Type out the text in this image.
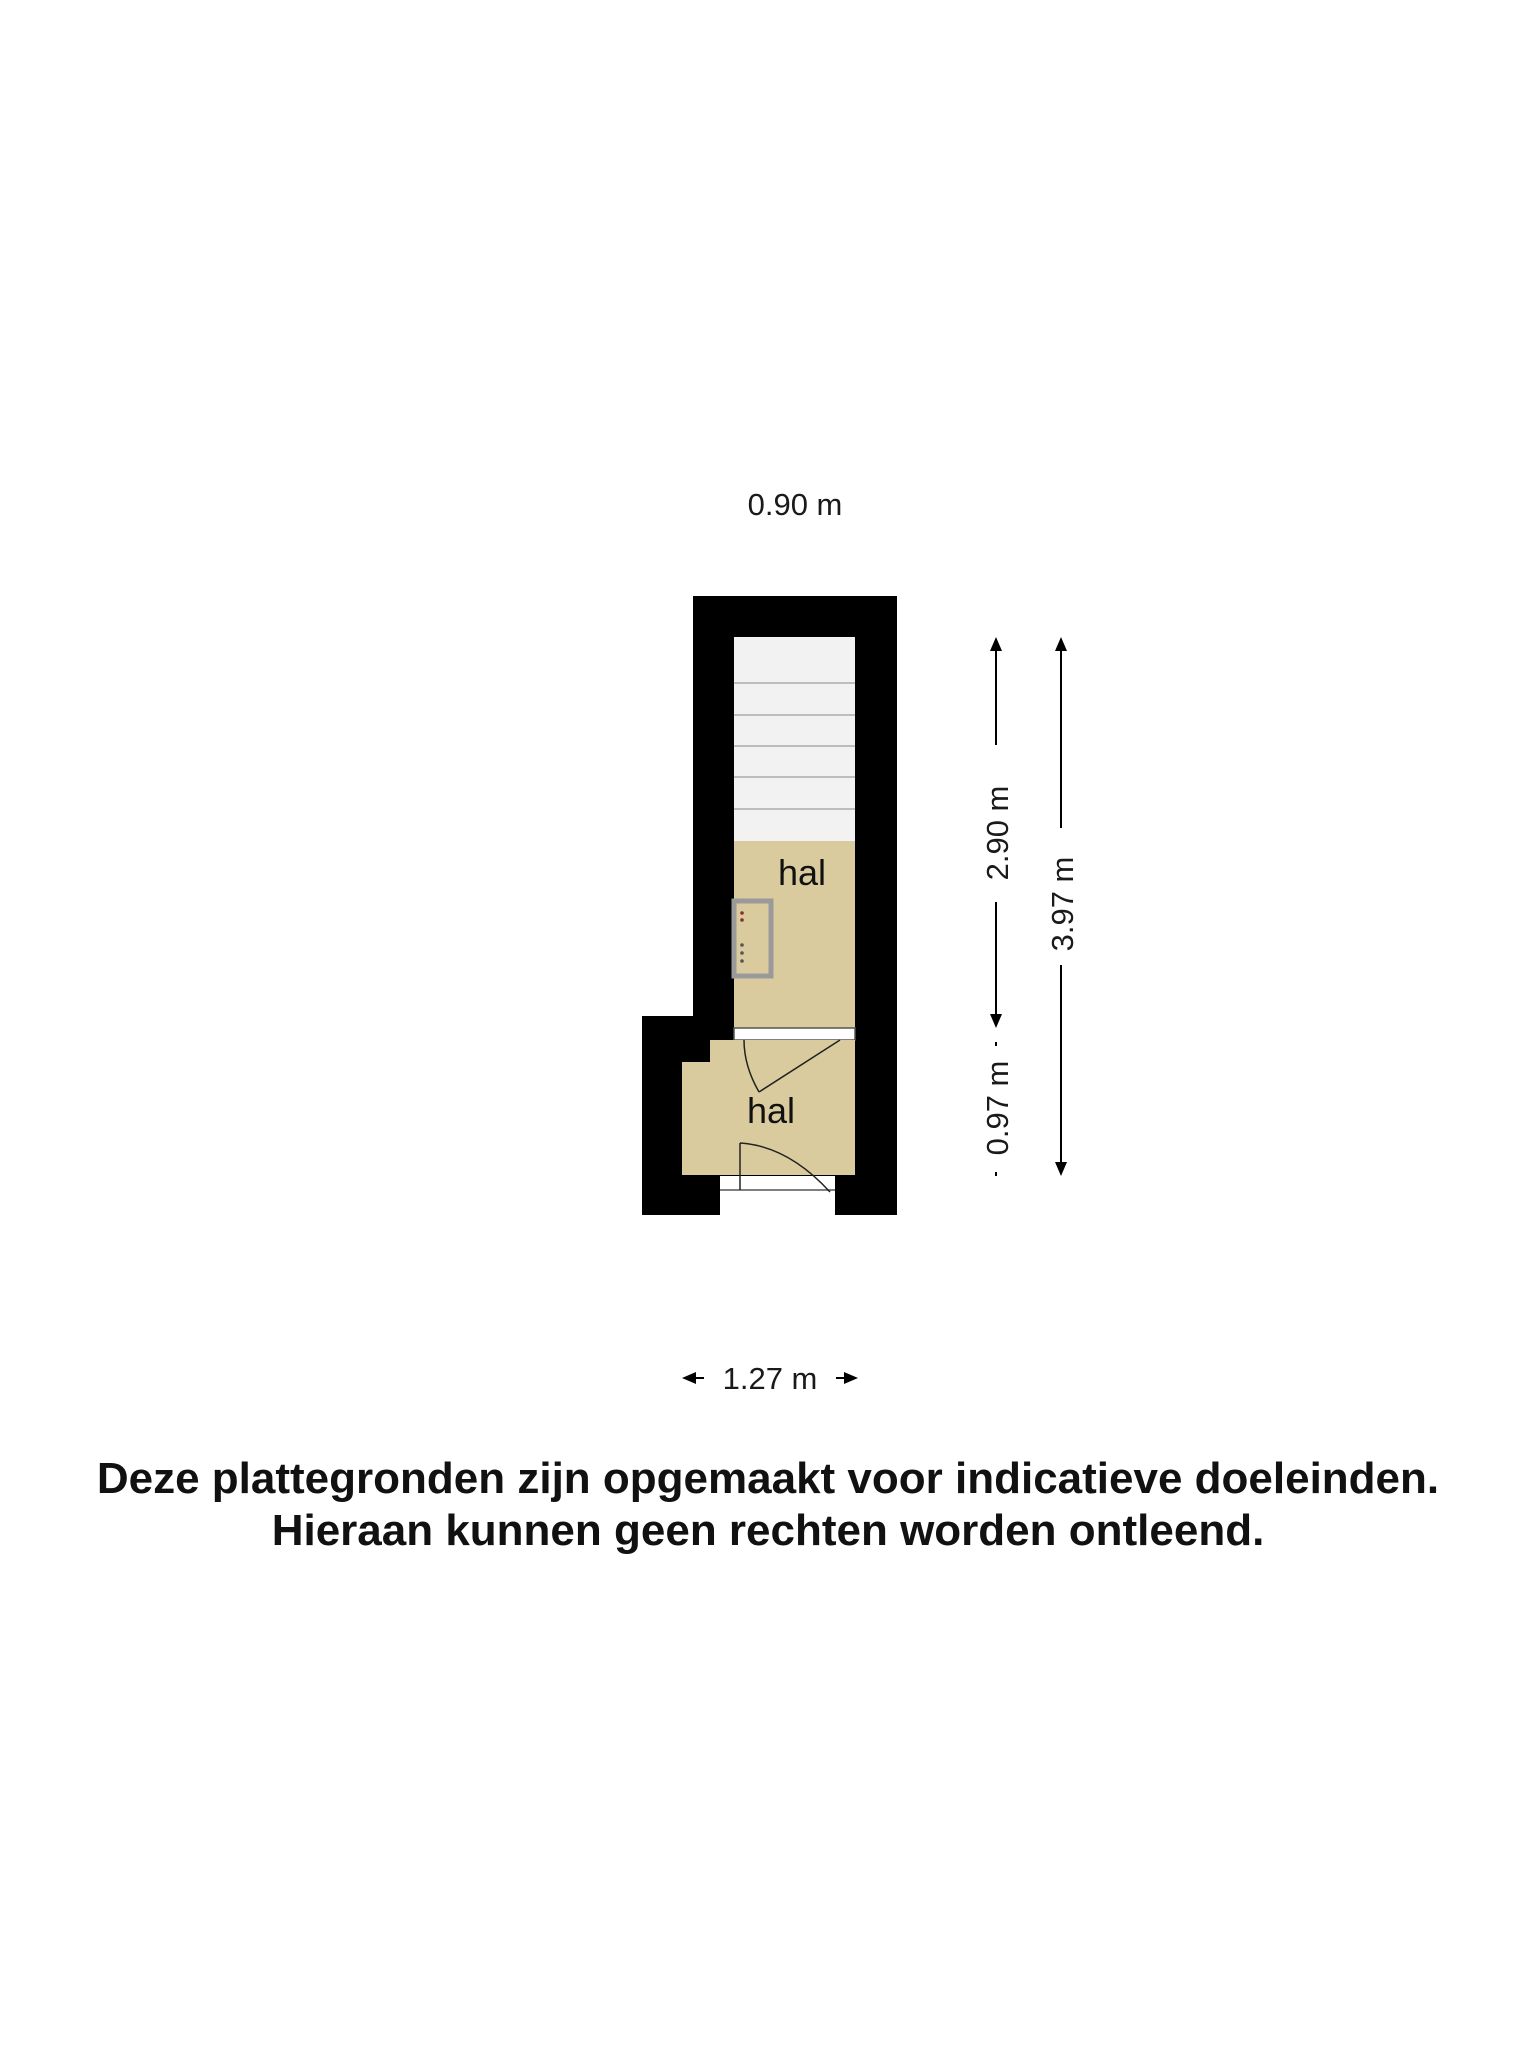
0.90 m
hal
hal
2.90 m
0.97 m
3.97 m
1.27 m
Deze plattegronden zijn opgemaakt voor indicatieve doeleinden.
Hieraan kunnen geen rechten worden ontleend.
